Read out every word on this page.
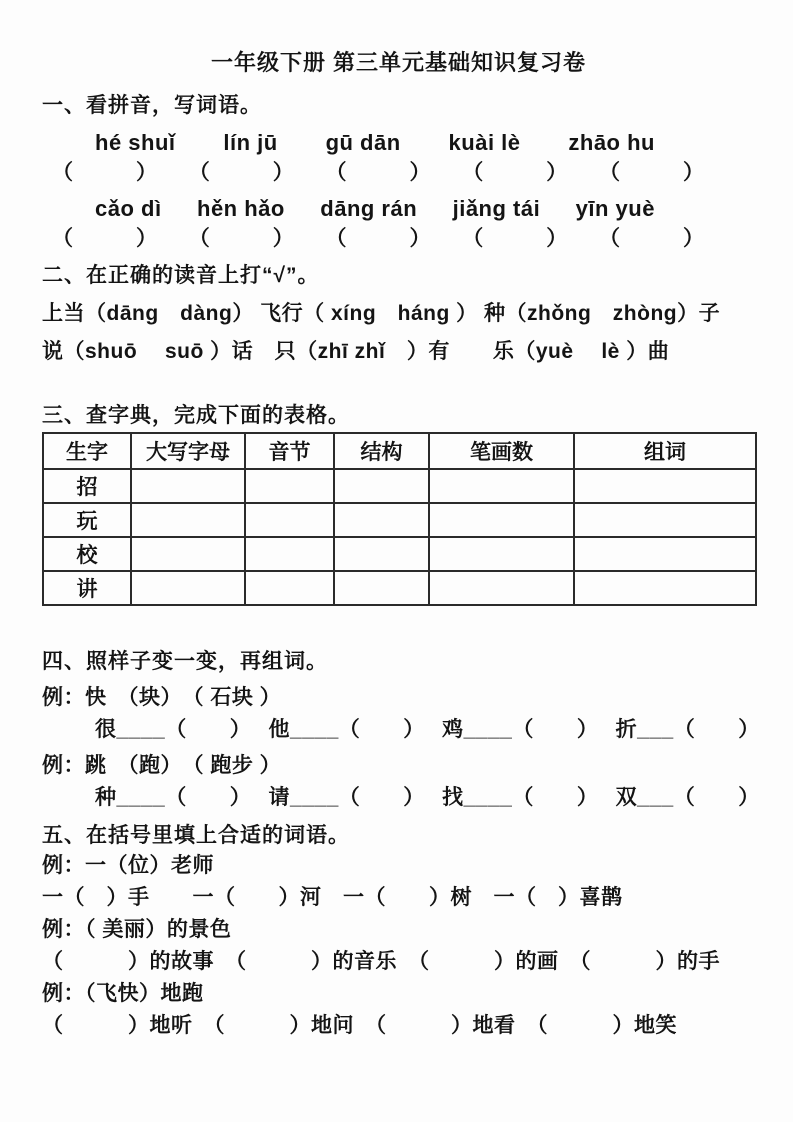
一年级下册 第三单元基础知识复习卷
一、看拼音，写词语。
hé shuǐ lín jū gū dān kuài lè zhāo hu
（　　　） （　　　） （　　　） （　　　） （　　　）
cǎo dì hěn hǎo dāng rán jiǎng tái yīn yuè
（　　　） （　　　） （　　　） （　　　） （　　　）
二、在正确的读音上打“√”。
上当（dāng　dàng） 飞行（ xíng　háng ） 种（zhǒng　zhòng）子
说（shuō　 suō ）话　只（zhī zhǐ　）有　　乐（yuè　 lè ）曲
三、查字典，完成下面的表格。
生字	大写字母	音节	结构	笔画数	组词
招					
玩					
校					
讲					
四、照样子变一变，再组词。
例：快　（块）　（ 石块 ）
很____（　　）　 他____（　　）　 鸡____（　　）　 折___（　　）
例：跳　（跑）　（ 跑步 ）
种____（　　）　 请____（　　）　 找____（　　）　 双___（　　）
五、在括号里填上合适的词语。
例：一（位）老师
一（　）手　　一（　　）河　一（　　）树　一（　）喜鹊
例：（ 美丽）的景色
（　　　）的故事　（　　　）的音乐　（　　　）的画　（　　　）的手
例：（飞快）地跑
（　　　）地听　（　　　）地问　（　　　）地看　（　　　）地笑
